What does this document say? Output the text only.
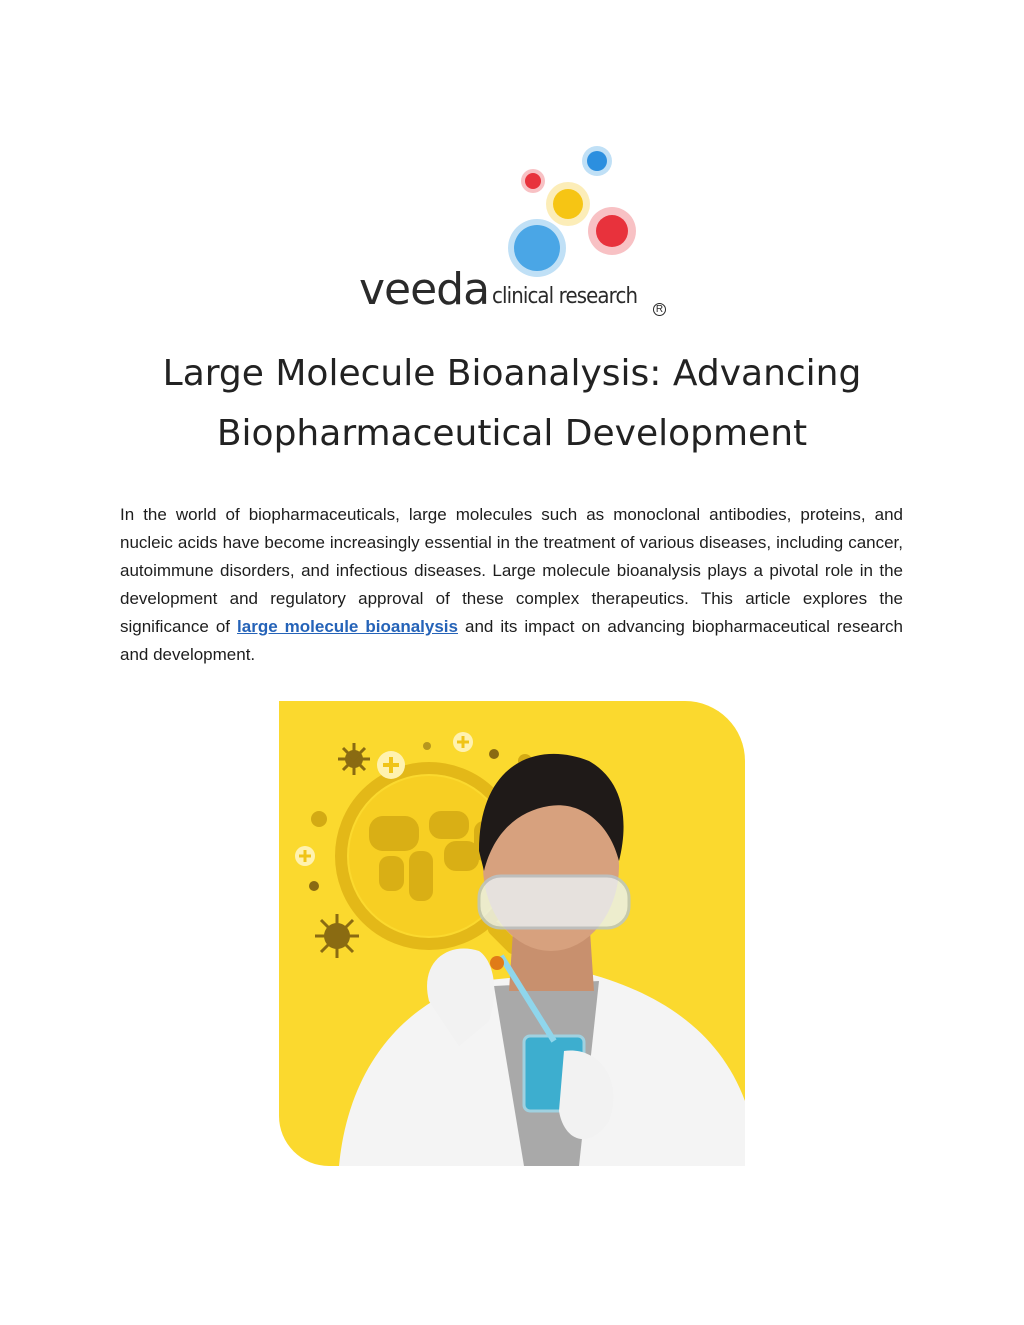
veeda clinical research
R
Large Molecule Bioanalysis: Advancing Biopharmaceutical Development

In the world of biopharmaceuticals, large molecules such as monoclonal antibodies, proteins, and nucleic acids have become increasingly essential in the treatment of various diseases, including cancer, autoimmune disorders, and infectious diseases. Large molecule bioanalysis plays a pivotal role in the development and regulatory approval of these complex therapeutics. This article explores the significance of large molecule bioanalysis and its impact on advancing biopharmaceutical research and development.
